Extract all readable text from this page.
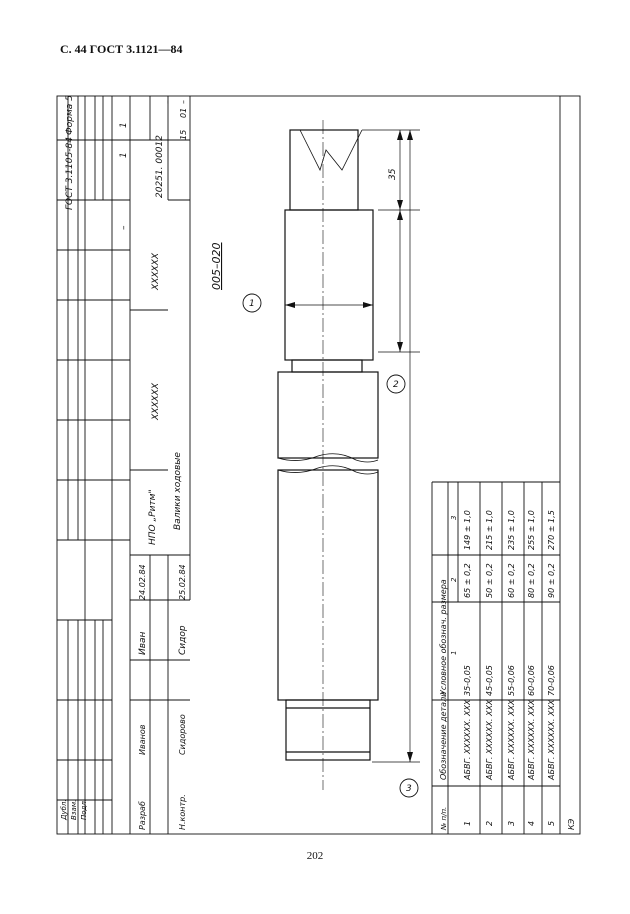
С. 44 ГОСТ 3.1121—84
ГОСТ 3.1105-84
Форма 5	1
1
–
20251. 00012
XXXXXX
XXXXXX
Валики ходовые
НПО „Ритм"
005–020
35
1
2
3
Дубл. Взам. Подл.	Разраб
Иванов
Иван
24.02.84
Н.контр.
Сидорово
Сидор
25.02.84
15
01
–
–
№ п/п.
Обозначение детали
Условное обознач. размера 1
2
3
КЭ
1
АБВГ. XXXXXX. XXX
35-0,05
65 ± 0,2
149 ± 1,0
2
АБВГ. XXXXXX. XXX
45-0,05
50 ± 0,2
215 ± 1,0
3
АБВГ. XXXXXX. XXX
55-0,06
60 ± 0,2
235 ± 1,0
4
АБВГ. XXXXXX. XXX
60-0,06
80 ± 0,2
255 ± 1,0
5
АБВГ. XXXXXX. XXX
70-0,06
90 ± 0,2
270 ± 1,5
202
